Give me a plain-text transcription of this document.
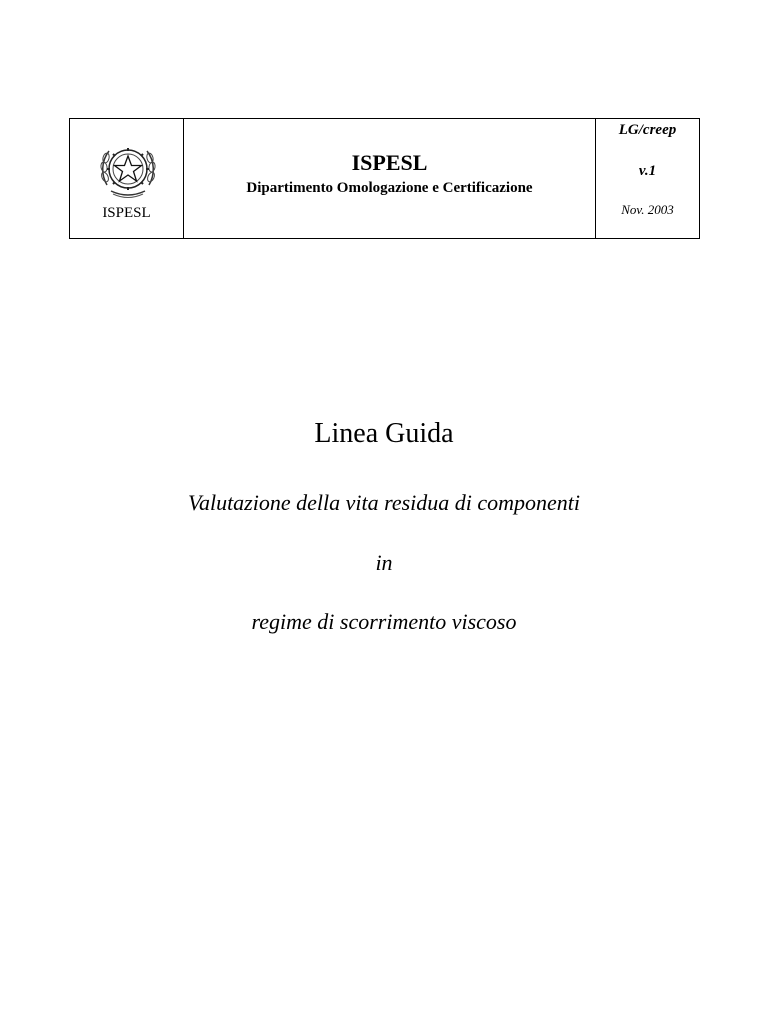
ISPESL
ISPESL
Dipartimento Omologazione e Certificazione
LG/creep
v.1
Nov. 2003
Linea Guida
Valutazione della vita residua di componenti
in
regime di scorrimento viscoso
